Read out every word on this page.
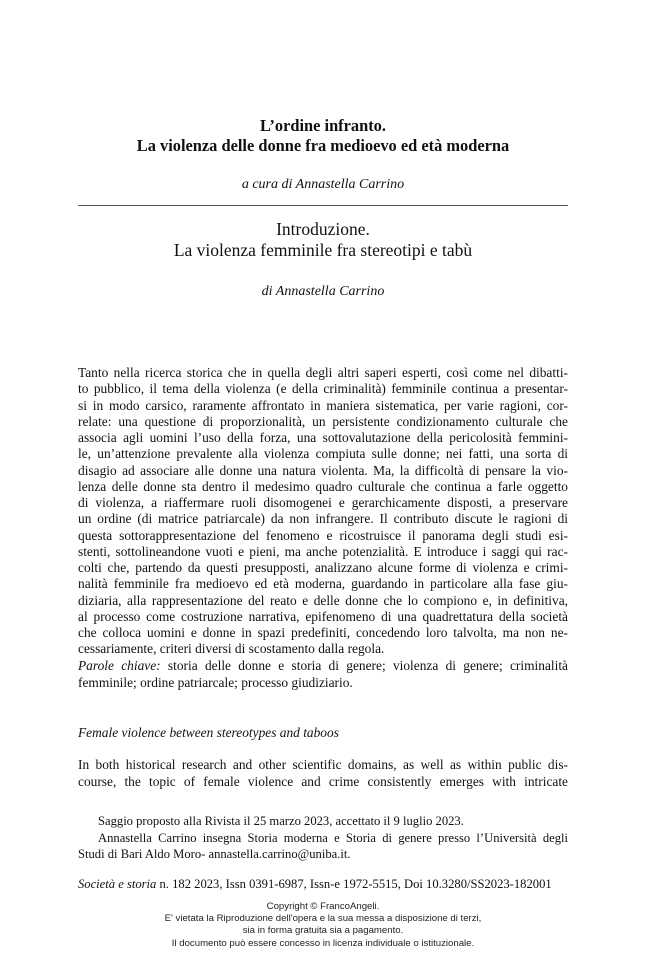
L’ordine infranto.
La violenza delle donne fra medioevo ed età moderna
a cura di Annastella Carrino
Introduzione.
La violenza femminile fra stereotipi e tabù
di Annastella Carrino
Tanto nella ricerca storica che in quella degli altri saperi esperti, così come nel dibatti-
to pubblico, il tema della violenza (e della criminalità) femminile continua a presentar-
si in modo carsico, raramente affrontato in maniera sistematica, per varie ragioni, cor-
relate: una questione di proporzionalità, un persistente condizionamento culturale che
associa agli uomini l’uso della forza, una sottovalutazione della pericolosità femmini-
le, un’attenzione prevalente alla violenza compiuta sulle donne; nei fatti, una sorta di
disagio ad associare alle donne una natura violenta. Ma, la difficoltà di pensare la vio-
lenza delle donne sta dentro il medesimo quadro culturale che continua a farle oggetto
di violenza, a riaffermare ruoli disomogenei e gerarchicamente disposti, a preservare
un ordine (di matrice patriarcale) da non infrangere. Il contributo discute le ragioni di
questa sottorappresentazione del fenomeno e ricostruisce il panorama degli studi esi-
stenti, sottolineandone vuoti e pieni, ma anche potenzialità. E introduce i saggi qui rac-
colti che, partendo da questi presupposti, analizzano alcune forme di violenza e crimi-
nalità femminile fra medioevo ed età moderna, guardando in particolare alla fase giu-
diziaria, alla rappresentazione del reato e delle donne che lo compiono e, in definitiva,
al processo come costruzione narrativa, epifenomeno di una quadrettatura della società
che colloca uomini e donne in spazi predefiniti, concedendo loro talvolta, ma non ne-
cessariamente, criteri diversi di scostamento dalla regola.
Parole chiave: storia delle donne e storia di genere; violenza di genere; criminalità
femminile; ordine patriarcale; processo giudiziario.
Female violence between stereotypes and taboos
In both historical research and other scientific domains, as well as within public dis-
course, the topic of female violence and crime consistently emerges with intricate
Saggio proposto alla Rivista il 25 marzo 2023, accettato il 9 luglio 2023.
Annastella Carrino insegna Storia moderna e Storia di genere presso l’Università degli
Studi di Bari Aldo Moro- annastella.carrino@uniba.it.
Società e storia n. 182 2023, Issn 0391-6987, Issn-e 1972-5515, Doi 10.3280/SS2023-182001
Copyright © FrancoAngeli.
E' vietata la Riproduzione dell'opera e la sua messa a disposizione di terzi,
sia in forma gratuita sia a pagamento.
Il documento può essere concesso in licenza individuale o istituzionale.
